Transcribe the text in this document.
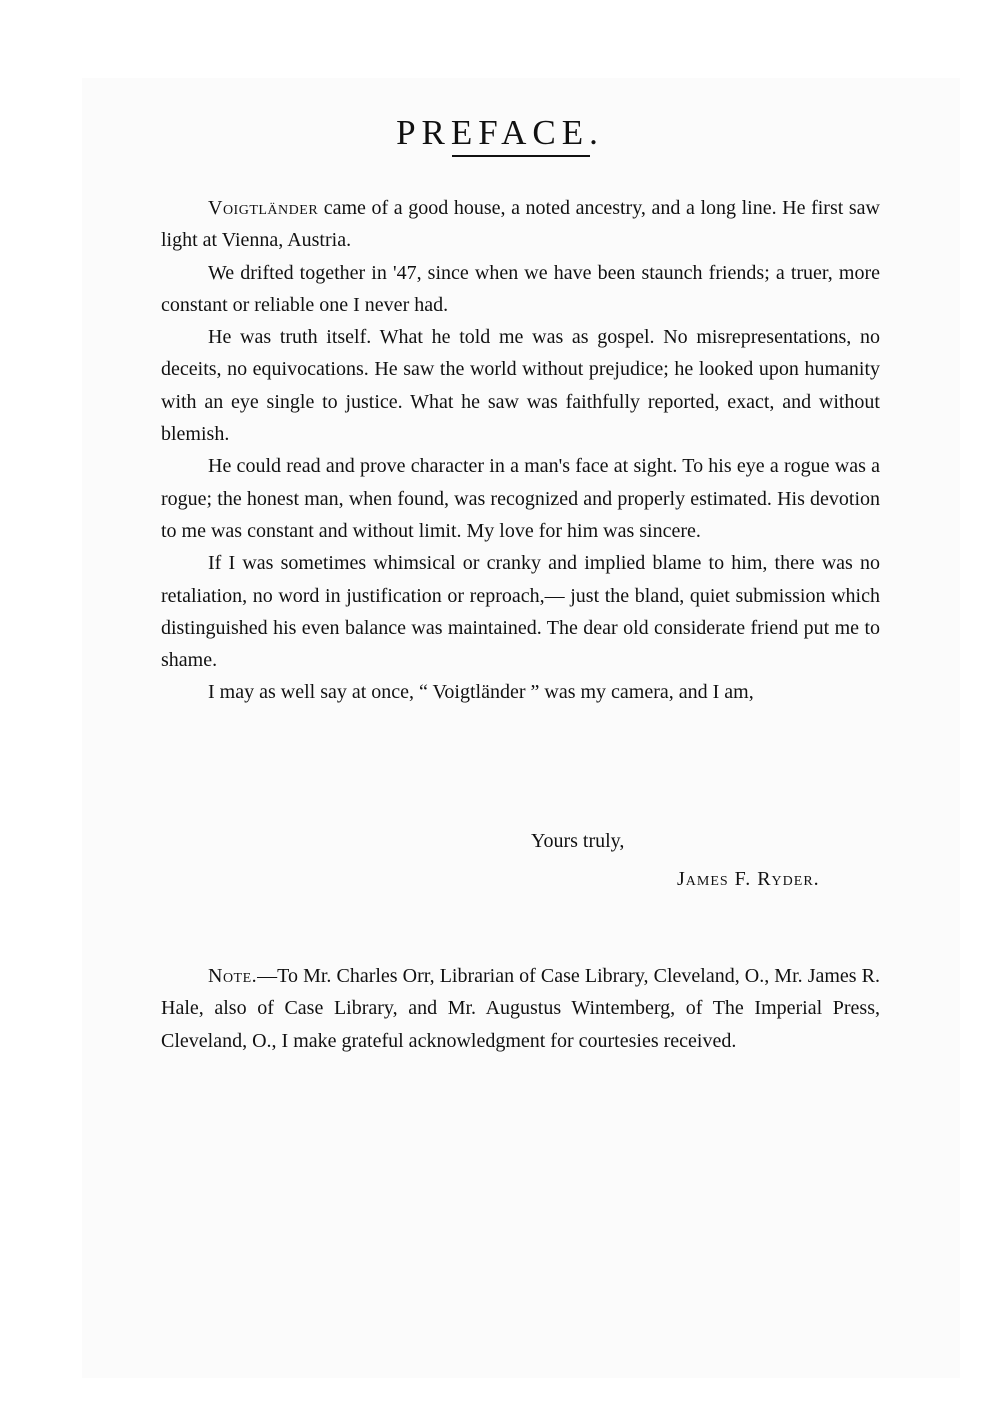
PREFACE.

Voigtländer came of a good house, a noted ancestry, and a long line. He first saw light at Vienna, Austria.

We drifted together in '47, since when we have been staunch friends; a truer, more constant or reliable one I never had.

He was truth itself. What he told me was as gospel. No misrepresentations, no deceits, no equivocations. He saw the world without prejudice; he looked upon humanity with an eye single to justice. What he saw was faithfully reported, exact, and without blemish.

He could read and prove character in a man's face at sight. To his eye a rogue was a rogue; the honest man, when found, was recognized and properly estimated. His devotion to me was constant and without limit. My love for him was sincere.

If I was sometimes whimsical or cranky and implied blame to him, there was no retaliation, no word in justification or reproach,— just the bland, quiet submission which distinguished his even balance was maintained. The dear old considerate friend put me to shame.

I may as well say at once, “ Voigtländer ” was my camera, and I am,

Yours truly,
James F. Ryder.

Note.—To Mr. Charles Orr, Librarian of Case Library, Cleveland, O., Mr. James R. Hale, also of Case Library, and Mr. Augustus Wintemberg, of The Imperial Press, Cleveland, O., I make grateful acknowledgment for courtesies received.
